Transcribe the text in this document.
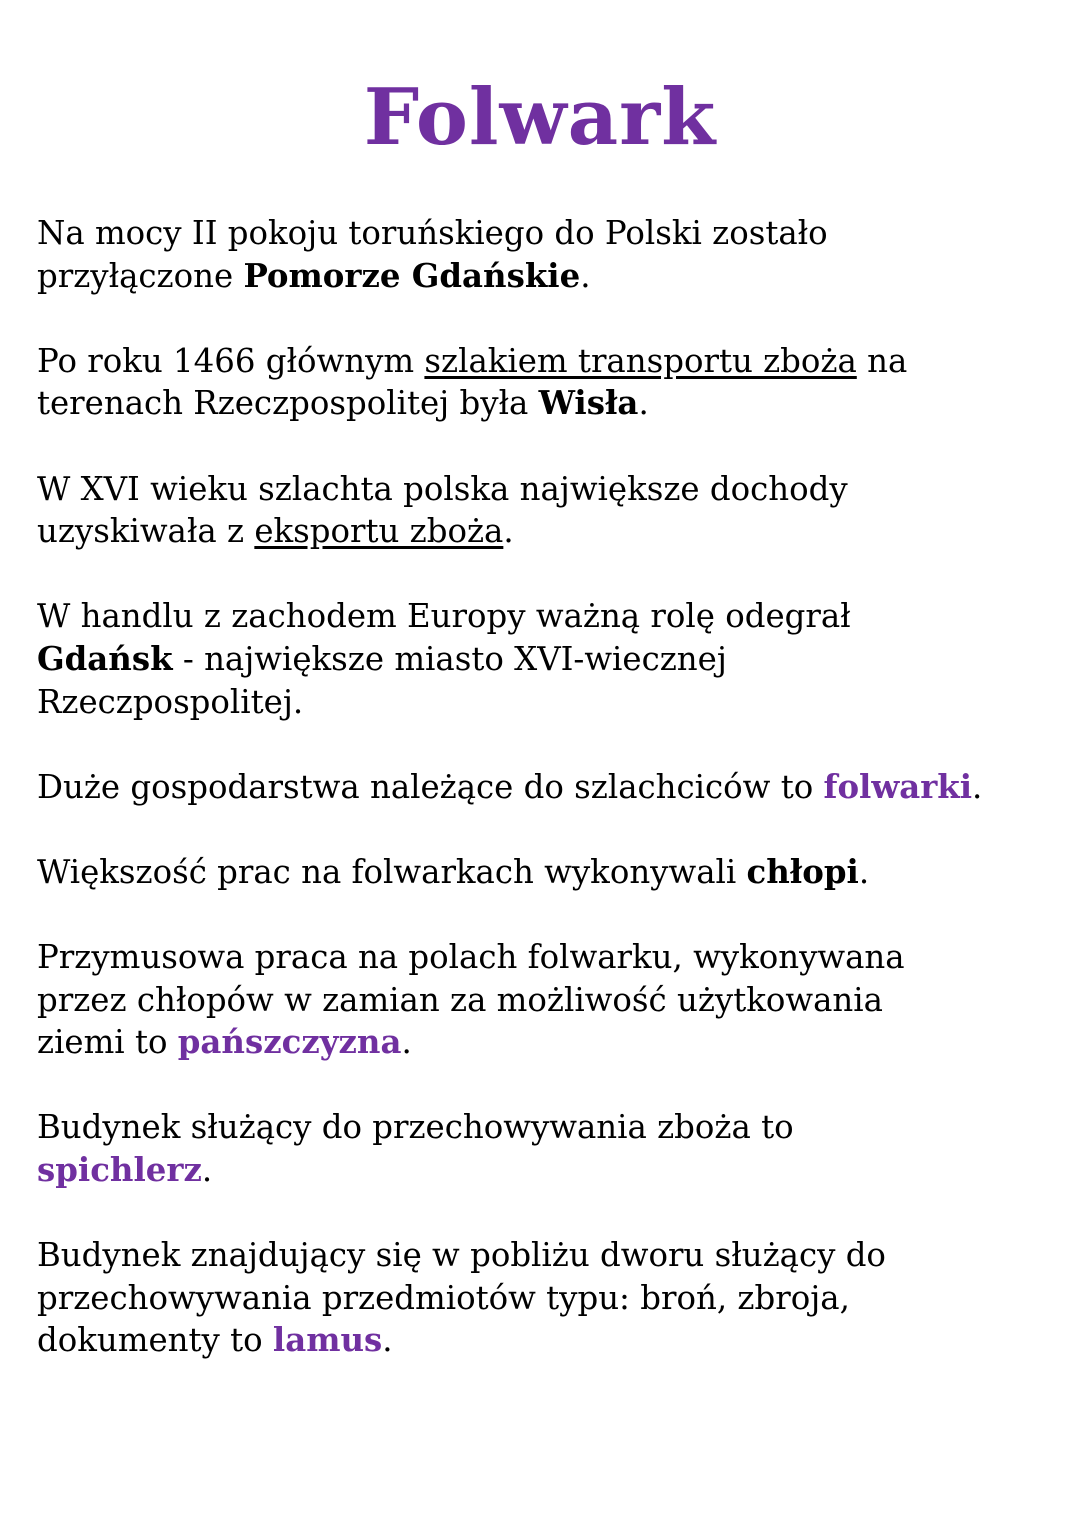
Folwark
Na mocy II pokoju toruńskiego do Polski zostało
przyłączone Pomorze Gdańskie.
Po roku 1466 głównym szlakiem transportu zboża na
terenach Rzeczpospolitej była Wisła.
W XVI wieku szlachta polska największe dochody
uzyskiwała z eksportu zboża.
W handlu z zachodem Europy ważną rolę odegrał
Gdańsk - największe miasto XVI-wiecznej
Rzeczpospolitej.
Duże gospodarstwa należące do szlachciców to folwarki.
Większość prac na folwarkach wykonywali chłopi.
Przymusowa praca na polach folwarku, wykonywana
przez chłopów w zamian za możliwość użytkowania
ziemi to pańszczyzna.
Budynek służący do przechowywania zboża to
spichlerz.
Budynek znajdujący się w pobliżu dworu służący do
przechowywania przedmiotów typu: broń, zbroja,
dokumenty to lamus.
